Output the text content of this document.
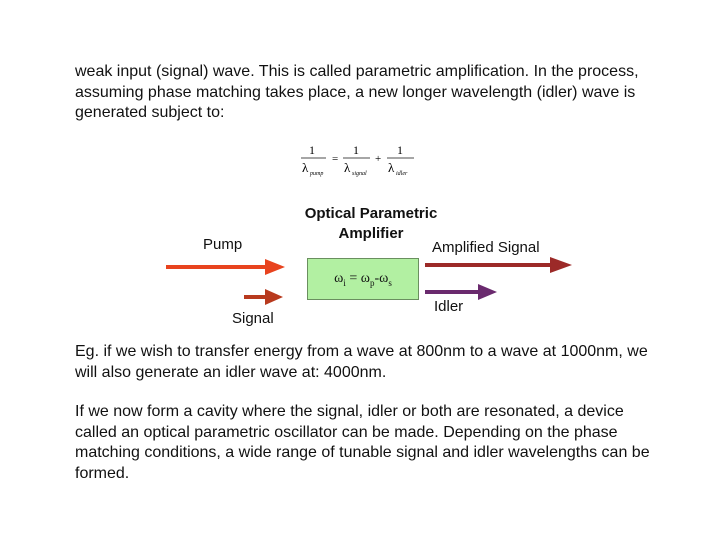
weak input (signal) wave. This is called parametric amplification. In the process, assuming phase matching takes place, a new longer wavelength (idler) wave is generated subject to:

1
λ pump
=
1
λ signal
+
1
λ idler
Optical Parametric Amplifier
Pump
Signal
Amplified Signal
Idler
$\omega_i = \omega_p-\omega_s$

Eg. if we wish to transfer energy from a wave at 800nm to a wave at 1000nm, we will also generate an idler wave at: 4000nm.

If we now form a cavity where the signal, idler or both are resonated, a device called an optical parametric oscillator can be made. Depending on the phase matching conditions, a wide range of tunable signal and idler wavelengths can be formed.
